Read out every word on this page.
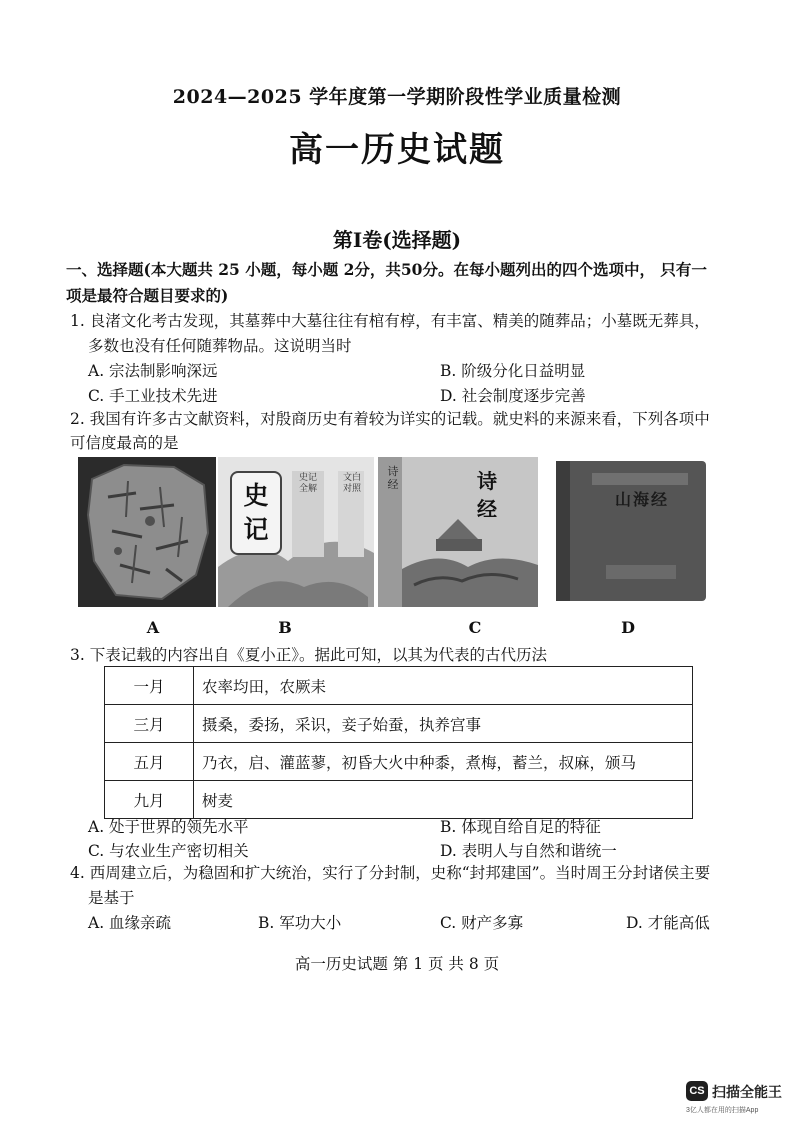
2024—2025 学年度第一学期阶段性学业质量检测
高一历史试题
第Ⅰ卷(选择题)
一、选择题(本大题共 25 小题，每小题 2分，共50分。在每小题列出的四个选项中， 只有一
项是最符合题目要求的)
1. 良渚文化考古发现，其墓葬中大墓往往有棺有椁，有丰富、精美的随葬品；小墓既无葬具，
多数也没有任何随葬物品。这说明当时
A. 宗法制影响深远	B. 阶级分化日益明显
C. 手工业技术先进	D. 社会制度逐步完善
2. 我国有许多古文献资料，对殷商历史有着较为详实的记载。就史料的来源来看，下列各项中
可信度最高的是
A
史记全解
文白对照
史记
B
诗经	诗经
C
山海经
D
3. 下表记载的内容出自《夏小正》。据此可知，以其为代表的古代历法
一月	农率均田，农厥耒
三月	摄桑，委扬，采识，妾子始蚕，执养宫事
五月	乃衣，启、灌蓝蓼，初昏大火中种黍，煮梅，蓄兰，叔麻，颁马
九月	树麦
A. 处于世界的领先水平	B. 体现自给自足的特征
C. 与农业生产密切相关	D. 表明人与自然和谐统一
4. 西周建立后，为稳固和扩大统治，实行了分封制，史称“封邦建国”。当时周王分封诸侯主要
是基于
A. 血缘亲疏	B. 军功大小	C. 财产多寡	D. 才能高低
高一历史试题 第 1 页 共 8 页
CS 扫描全能王
3亿人都在用的扫描App
